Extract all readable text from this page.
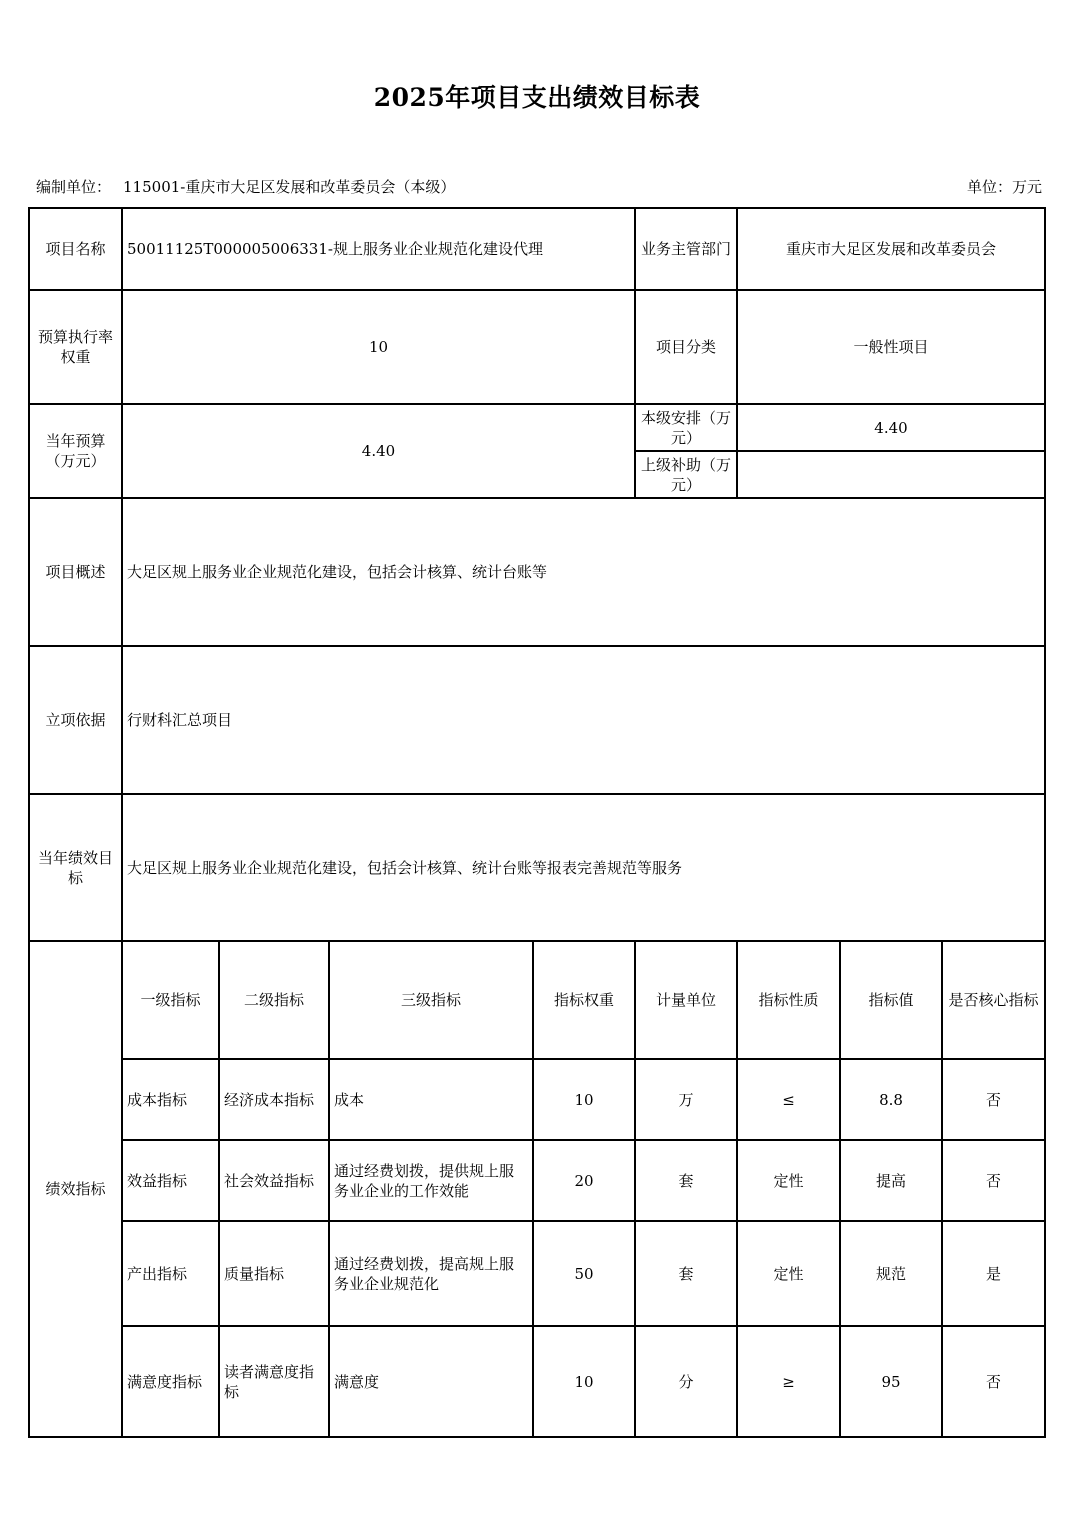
2025年项目支出绩效目标表
编制单位： 115001-重庆市大足区发展和改革委员会（本级）	单位：万元
项目名称	50011125T000005006331-规上服务业企业规范化建设代理				业务主管部门	重庆市大足区发展和改革委员会		
预算执行率权重	10				项目分类	一般性项目		
当年预算（万元）	4.40				本级安排（万元）	4.40		
					上级补助（万元）			
项目概述	大足区规上服务业企业规范化建设，包括会计核算、统计台账等							
立项依据	行财科汇总项目							
当年绩效目标	大足区规上服务业企业规范化建设，包括会计核算、统计台账等报表完善规范等服务							
绩效指标	一级指标	二级指标	三级指标	指标权重	计量单位	指标性质	指标值	是否核心指标
	成本指标	经济成本指标	成本	10	万	≤	8.8	否
	效益指标	社会效益指标	通过经费划拨，提供规上服务业企业的工作效能	20	套	定性	提高	否
	产出指标	质量指标	通过经费划拨，提高规上服务业企业规范化	50	套	定性	规范	是
	满意度指标	读者满意度指标	满意度	10	分	≥	95	否
